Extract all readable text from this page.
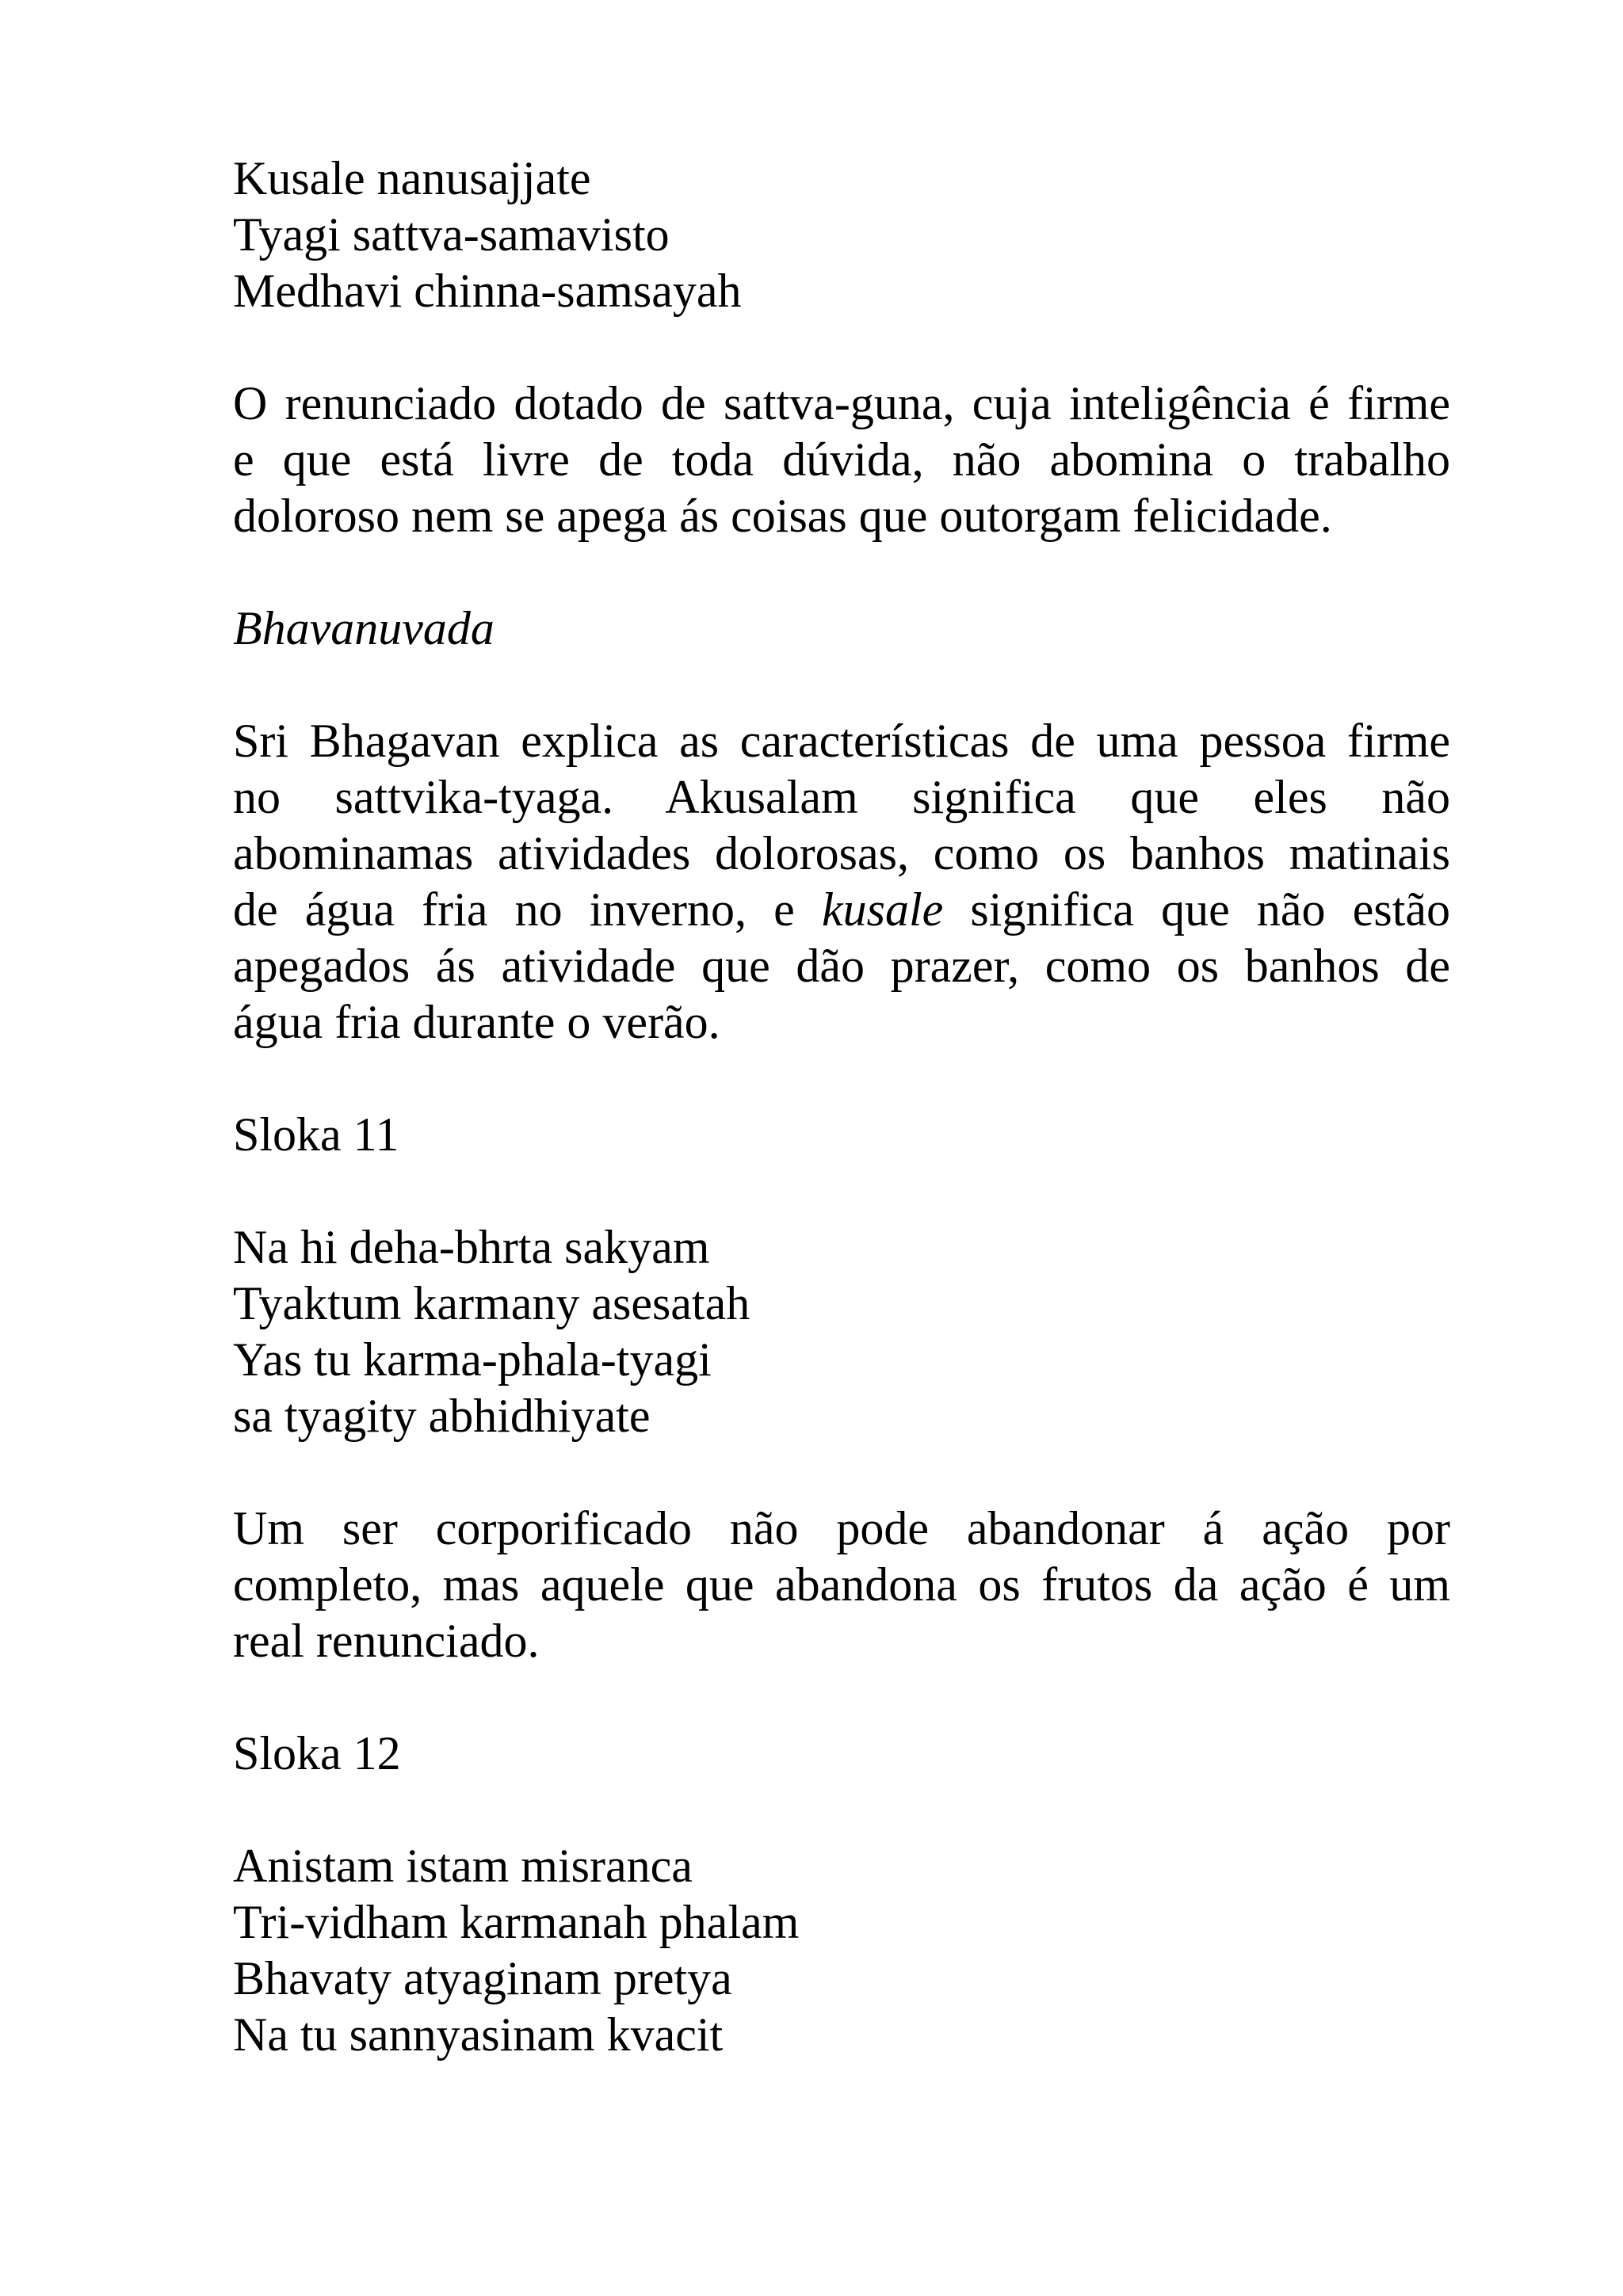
Kusale nanusajjate
Tyagi sattva-samavisto
Medhavi chinna-samsayah
O renunciado dotado de sattva-guna, cuja inteligência é firme
e que está livre de toda dúvida, não abomina o trabalho
doloroso nem se apega ás coisas que outorgam felicidade.
Bhavanuvada
Sri Bhagavan explica as características de uma pessoa firme
no sattvika-tyaga. Akusalam significa que eles não
abominamas atividades dolorosas, como os banhos matinais
de água fria no inverno, e kusale significa que não estão
apegados ás atividade que dão prazer, como os banhos de
água fria durante o verão.
Sloka 11
Na hi deha-bhrta sakyam
Tyaktum karmany asesatah
Yas tu karma-phala-tyagi
sa tyagity abhidhiyate
Um ser corporificado não pode abandonar á ação por
completo, mas aquele que abandona os frutos da ação é um
real renunciado.
Sloka 12
Anistam istam misranca
Tri-vidham karmanah phalam
Bhavaty atyaginam pretya
Na tu sannyasinam kvacit
